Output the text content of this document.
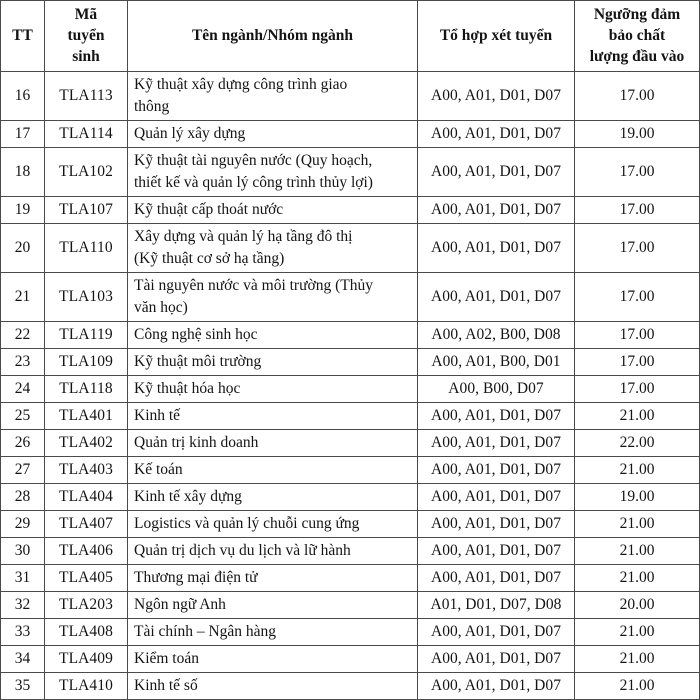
TT	Mã
tuyển
sinh	Tên ngành/Nhóm ngành	Tổ hợp xét tuyển	Ngưỡng đảm
bảo chất
lượng đầu vào

16	TLA113	Kỹ thuật xây dựng công trình giao
thông	A00, A01, D01, D07	17.00
17	TLA114	Quản lý xây dựng	A00, A01, D01, D07	19.00
18	TLA102	Kỹ thuật tài nguyên nước (Quy hoạch,
thiết kế và quản lý công trình thủy lợi)	A00, A01, D01, D07	17.00
19	TLA107	Kỹ thuật cấp thoát nước	A00, A01, D01, D07	17.00
20	TLA110	Xây dựng và quản lý hạ tầng đô thị
(Kỹ thuật cơ sở hạ tầng)	A00, A01, D01, D07	17.00
21	TLA103	Tài nguyên nước và môi trường (Thủy
văn học)	A00, A01, D01, D07	17.00
22	TLA119	Công nghệ sinh học	A00, A02, B00, D08	17.00
23	TLA109	Kỹ thuật môi trường	A00, A01, B00, D01	17.00
24	TLA118	Kỹ thuật hóa học	A00, B00, D07	17.00
25	TLA401	Kinh tế	A00, A01, D01, D07	21.00
26	TLA402	Quản trị kinh doanh	A00, A01, D01, D07	22.00
27	TLA403	Kế toán	A00, A01, D01, D07	21.00
28	TLA404	Kinh tế xây dựng	A00, A01, D01, D07	19.00
29	TLA407	Logistics và quản lý chuỗi cung ứng	A00, A01, D01, D07	21.00
30	TLA406	Quản trị dịch vụ du lịch và lữ hành	A00, A01, D01, D07	21.00
31	TLA405	Thương mại điện tử	A00, A01, D01, D07	21.00
32	TLA203	Ngôn ngữ Anh	A01, D01, D07, D08	20.00
33	TLA408	Tài chính – Ngân hàng	A00, A01, D01, D07	21.00
34	TLA409	Kiểm toán	A00, A01, D01, D07	21.00
35	TLA410	Kinh tế số	A00, A01, D01, D07	21.00
